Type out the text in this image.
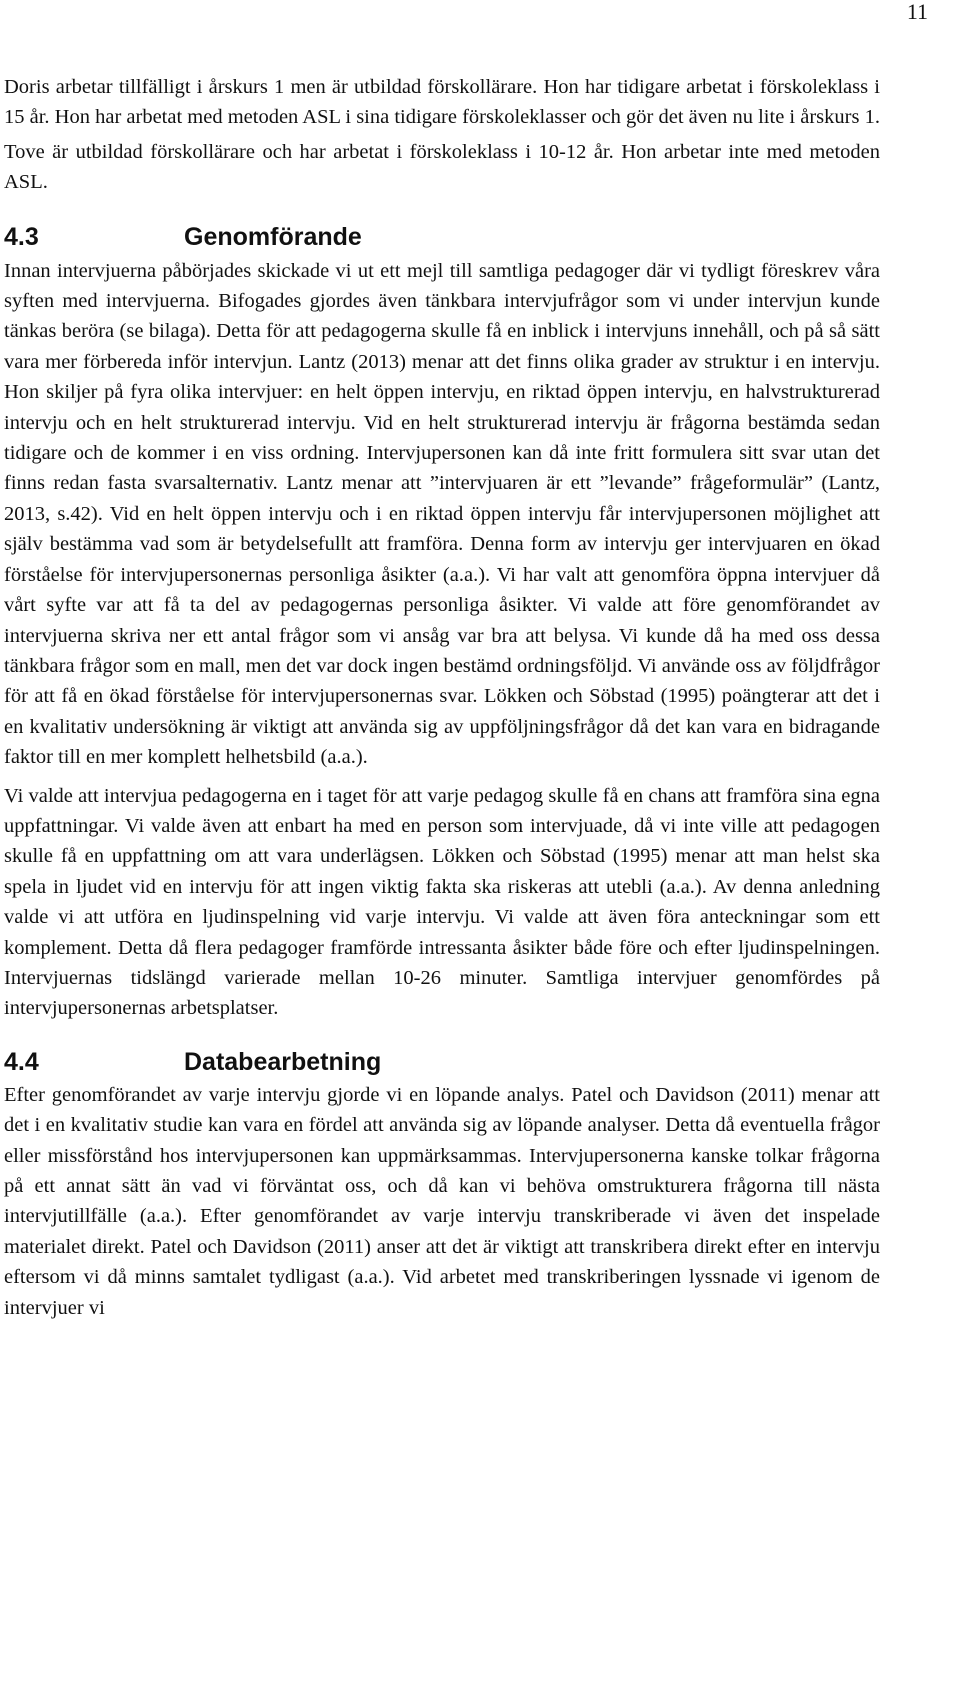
11

Doris arbetar tillfälligt i årskurs 1 men är utbildad förskollärare. Hon har tidigare arbetat i förskoleklass i 15 år. Hon har arbetat med metoden ASL i sina tidigare förskoleklasser och gör det även nu lite i årskurs 1.

Tove är utbildad förskollärare och har arbetat i förskoleklass i 10-12 år. Hon arbetar inte med metoden ASL.

4.3	Genomförande

Innan intervjuerna påbörjades skickade vi ut ett mejl till samtliga pedagoger där vi tydligt föreskrev våra syften med intervjuerna. Bifogades gjordes även tänkbara intervjufrågor som vi under intervjun kunde tänkas beröra (se bilaga). Detta för att pedagogerna skulle få en inblick i intervjuns innehåll, och på så sätt vara mer förbereda inför intervjun. Lantz (2013) menar att det finns olika grader av struktur i en intervju. Hon skiljer på fyra olika intervjuer: en helt öppen intervju, en riktad öppen intervju, en halvstrukturerad intervju och en helt strukturerad intervju. Vid en helt strukturerad intervju är frågorna bestämda sedan tidigare och de kommer i en viss ordning. Intervjupersonen kan då inte fritt formulera sitt svar utan det finns redan fasta svarsalternativ. Lantz menar att ”intervjuaren är ett ”levande” frågeformulär” (Lantz, 2013, s.42). Vid en helt öppen intervju och i en riktad öppen intervju får intervjupersonen möjlighet att själv bestämma vad som är betydelsefullt att framföra. Denna form av intervju ger intervjuaren en ökad förståelse för intervjupersonernas personliga åsikter (a.a.). Vi har valt att genomföra öppna intervjuer då vårt syfte var att få ta del av pedagogernas personliga åsikter. Vi valde att före genomförandet av intervjuerna skriva ner ett antal frågor som vi ansåg var bra att belysa. Vi kunde då ha med oss dessa tänkbara frågor som en mall, men det var dock ingen bestämd ordningsföljd. Vi använde oss av följdfrågor för att få en ökad förståelse för intervjupersonernas svar. Lökken och Söbstad (1995) poängterar att det i en kvalitativ undersökning är viktigt att använda sig av uppföljningsfrågor då det kan vara en bidragande faktor till en mer komplett helhetsbild (a.a.).

Vi valde att intervjua pedagogerna en i taget för att varje pedagog skulle få en chans att framföra sina egna uppfattningar. Vi valde även att enbart ha med en person som intervjuade, då vi inte ville att pedagogen skulle få en uppfattning om att vara underlägsen. Lökken och Söbstad (1995) menar att man helst ska spela in ljudet vid en intervju för att ingen viktig fakta ska riskeras att utebli (a.a.). Av denna anledning valde vi att utföra en ljudinspelning vid varje intervju. Vi valde att även föra anteckningar som ett komplement. Detta då flera pedagoger framförde intressanta åsikter både före och efter ljudinspelningen. Intervjuernas tidslängd varierade mellan 10-26 minuter. Samtliga intervjuer genomfördes på intervjupersonernas arbetsplatser.

4.4	Databearbetning

Efter genomförandet av varje intervju gjorde vi en löpande analys. Patel och Davidson (2011) menar att det i en kvalitativ studie kan vara en fördel att använda sig av löpande analyser. Detta då eventuella frågor eller missförstånd hos intervjupersonen kan uppmärksammas. Intervjupersonerna kanske tolkar frågorna på ett annat sätt än vad vi förväntat oss, och då kan vi behöva omstrukturera frågorna till nästa intervjutillfälle (a.a.). Efter genomförandet av varje intervju transkriberade vi även det inspelade materialet direkt. Patel och Davidson (2011) anser att det är viktigt att transkribera direkt efter en intervju eftersom vi då minns samtalet tydligast (a.a.). Vid arbetet med transkriberingen lyssnade vi igenom de intervjuer vi
